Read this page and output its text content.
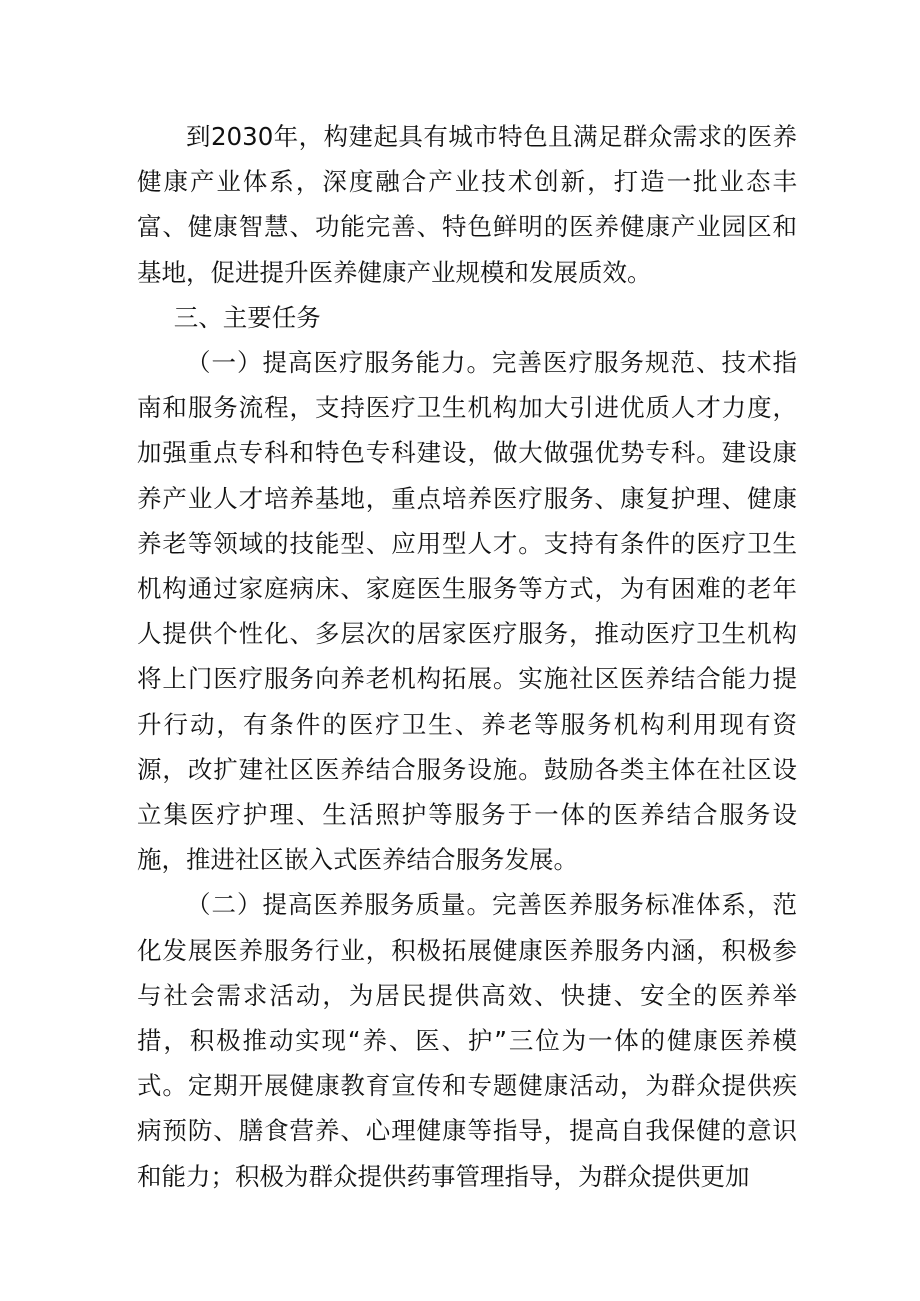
到2030年，构建起具有城市特色且满足群众需求的医养健康产业体系，深度融合产业技术创新，打造一批业态丰富、健康智慧、功能完善、特色鲜明的医养健康产业园区和基地，促进提升医养健康产业规模和发展质效。

三、主要任务

（一）提高医疗服务能力。完善医疗服务规范、技术指南和服务流程，支持医疗卫生机构加大引进优质人才力度，加强重点专科和特色专科建设，做大做强优势专科。建设康养产业人才培养基地，重点培养医疗服务、康复护理、健康养老等领域的技能型、应用型人才。支持有条件的医疗卫生机构通过家庭病床、家庭医生服务等方式，为有困难的老年人提供个性化、多层次的居家医疗服务，推动医疗卫生机构将上门医疗服务向养老机构拓展。实施社区医养结合能力提升行动，有条件的医疗卫生、养老等服务机构利用现有资源，改扩建社区医养结合服务设施。鼓励各类主体在社区设立集医疗护理、生活照护等服务于一体的医养结合服务设施，推进社区嵌入式医养结合服务发展。

（二）提高医养服务质量。完善医养服务标准体系，范化发展医养服务行业，积极拓展健康医养服务内涵，积极参与社会需求活动，为居民提供高效、快捷、安全的医养举措，积极推动实现“养、医、护”三位为一体的健康医养模式。定期开展健康教育宣传和专题健康活动，为群众提供疾病预防、膳食营养、心理健康等指导，提高自我保健的意识和能力；积极为群众提供药事管理指导，为群众提供更加
